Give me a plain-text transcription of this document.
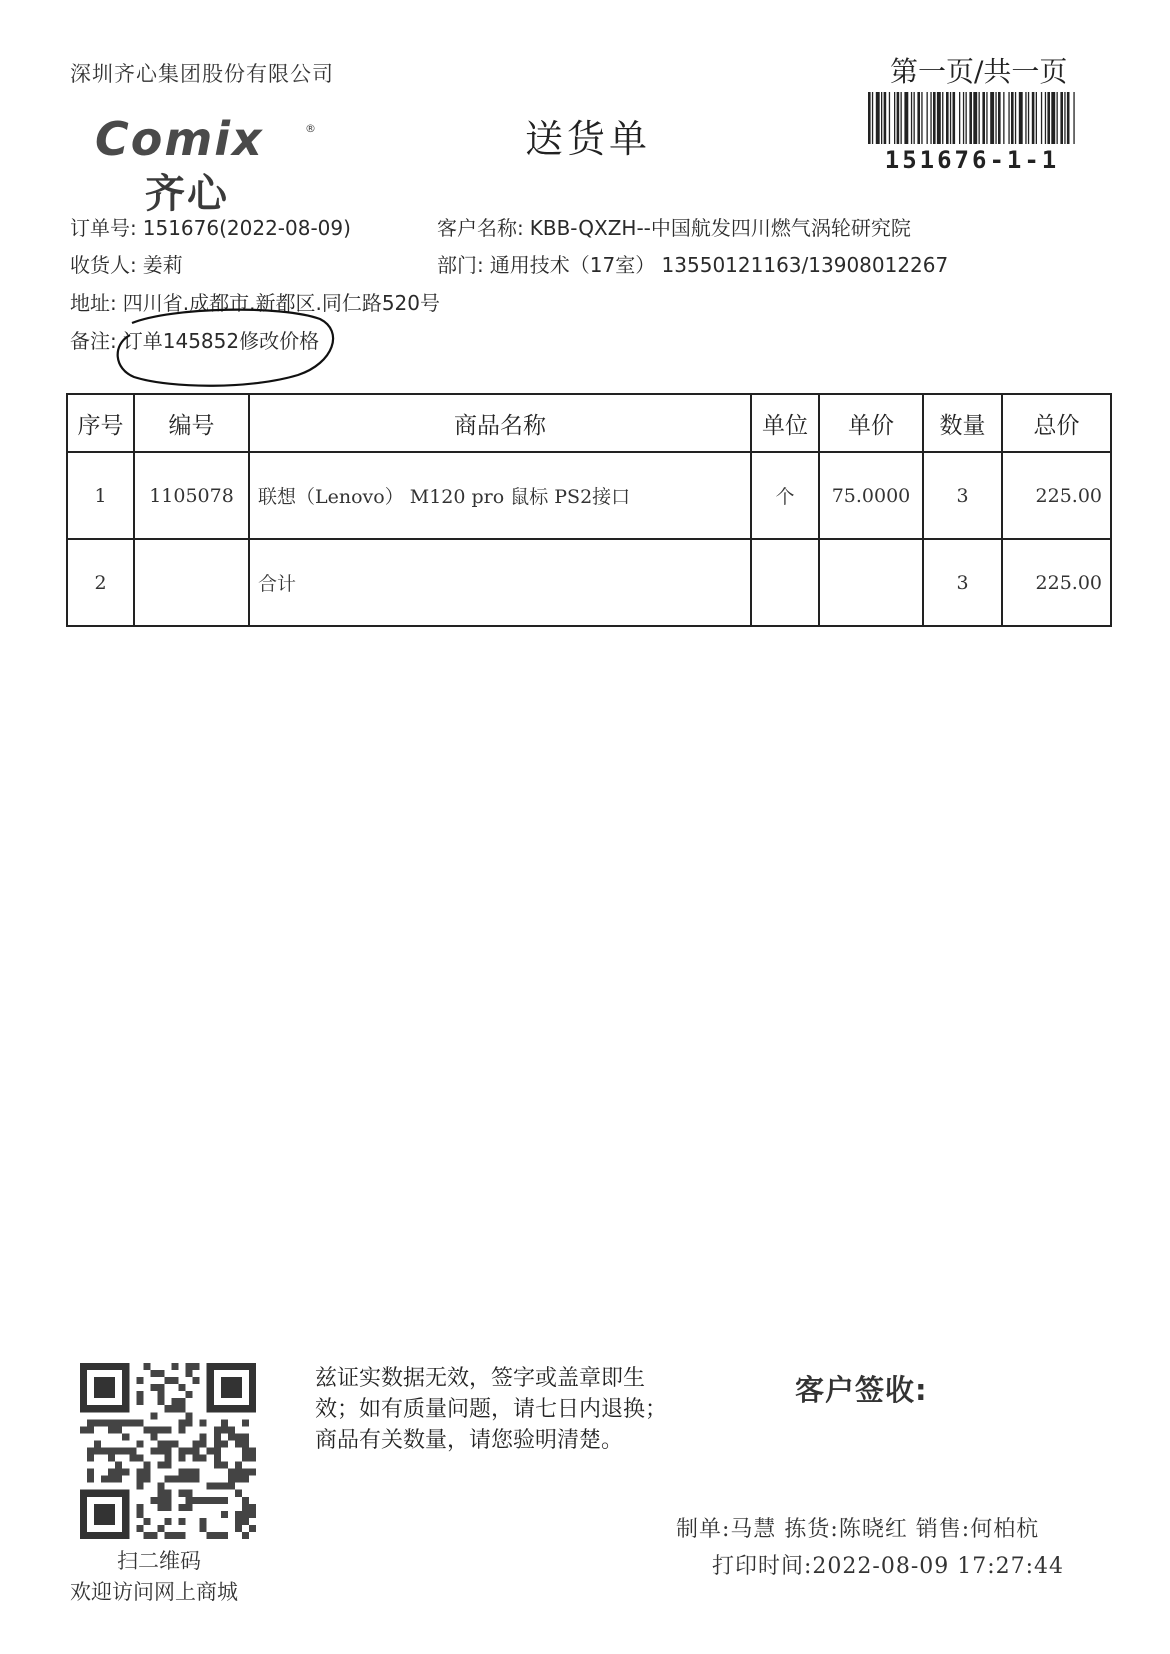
深圳齐心集团股份有限公司	第一页/共一页
151676-1-1
Comix	®
齐心
送货单
订单号: 151676(2022-08-09)	客户名称: KBB-QXZH--中国航发四川燃气涡轮研究院
收货人: 姜莉	部门: 通用技术（17室） 13550121163/13908012267
地址: 四川省.成都市.新都区.同仁路520号
备注: 订单145852修改价格
序号	编号	商品名称	单位	单价	数量	总价
1	1105078	联想（Lenovo） M120 pro 鼠标 PS2接口	个	75.0000	3	225.00
2		合计			3	225.00
扫二维码
欢迎访问网上商城
兹证实数据无效，签字或盖章即生
效；如有质量问题，请七日内退换；
商品有关数量，请您验明清楚。
客户签收:
制单:马慧 拣货:陈晓红 销售:何柏杭
打印时间:2022-08-09 17:27:44
